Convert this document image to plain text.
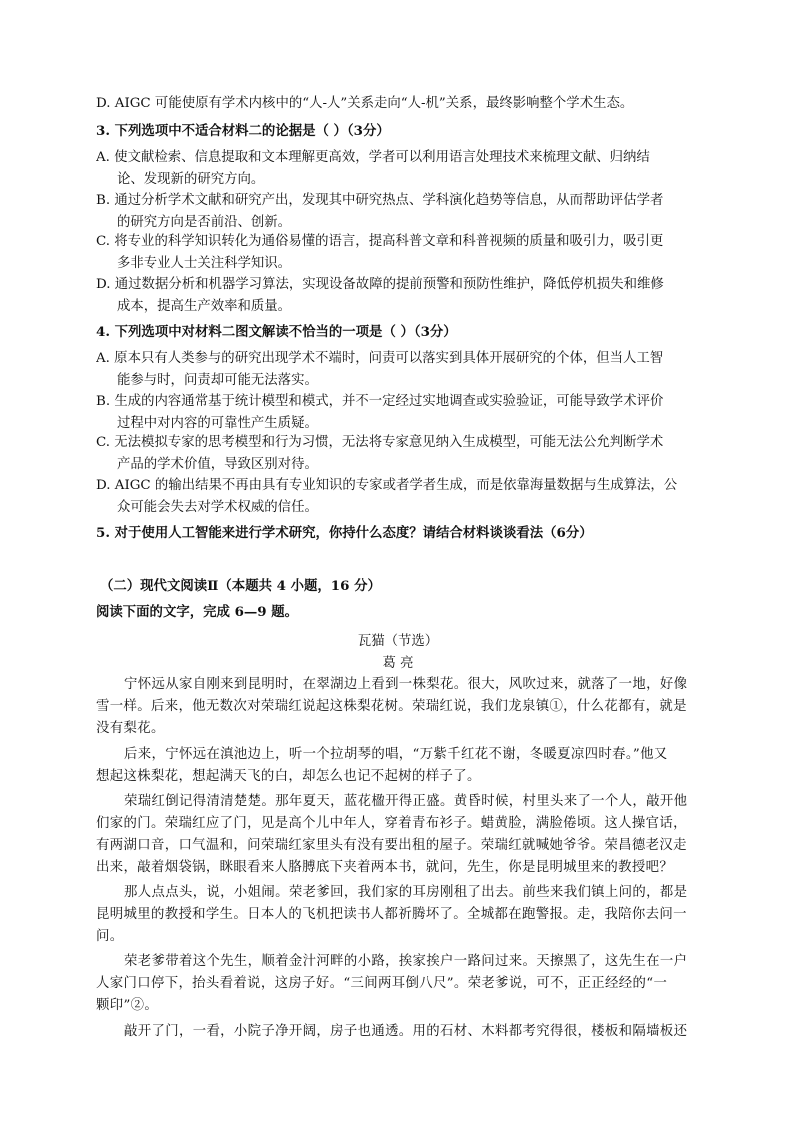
D. AIGC 可能使原有学术内核中的“人-人”关系走向“人-机”关系，最终影响整个学术生态。
3. 下列选项中不适合材料二的论据是（ ）（3分）
A. 使文献检索、信息提取和文本理解更高效，学者可以利用语言处理技术来梳理文献、归纳结
论、发现新的研究方向。
B. 通过分析学术文献和研究产出，发现其中研究热点、学科演化趋势等信息，从而帮助评估学者
的研究方向是否前沿、创新。
C. 将专业的科学知识转化为通俗易懂的语言，提高科普文章和科普视频的质量和吸引力，吸引更
多非专业人士关注科学知识。
D. 通过数据分析和机器学习算法，实现设备故障的提前预警和预防性维护，降低停机损失和维修
成本，提高生产效率和质量。
4. 下列选项中对材料二图文解读不恰当的一项是（ ）（3分）
A. 原本只有人类参与的研究出现学术不端时，问责可以落实到具体开展研究的个体，但当人工智
能参与时，问责却可能无法落实。
B. 生成的内容通常基于统计模型和模式，并不一定经过实地调查或实验验证，可能导致学术评价
过程中对内容的可靠性产生质疑。
C. 无法模拟专家的思考模型和行为习惯，无法将专家意见纳入生成模型，可能无法公允判断学术
产品的学术价值，导致区别对待。
D. AIGC 的输出结果不再由具有专业知识的专家或者学者生成，而是依靠海量数据与生成算法，公
众可能会失去对学术权威的信任。
5. 对于使用人工智能来进行学术研究，你持什么态度？请结合材料谈谈看法（6分）
（二）现代文阅读Ⅱ（本题共 4 小题，16 分）
阅读下面的文字，完成 6—9 题。
瓦猫（节选）
葛 亮
宁怀远从家自刚来到昆明时，在翠湖边上看到一株梨花。很大，风吹过来，就落了一地，好像
雪一样。后来，他无数次对荣瑞红说起这株梨花树。荣瑞红说，我们龙泉镇①，什么花都有，就是
没有梨花。
后来，宁怀远在滇池边上，听一个拉胡琴的唱，“万紫千红花不谢，冬暖夏凉四时春。”他又
想起这株梨花，想起满天飞的白，却怎么也记不起树的样子了。
荣瑞红倒记得清清楚楚。那年夏天，蓝花楹开得正盛。黄昏时候，村里头来了一个人，敲开他
们家的门。荣瑞红应了门，见是高个儿中年人，穿着青布衫子。蜡黄脸，满脸倦顷。这人操官话，
有两湖口音，口气温和，问荣瑞红家里头有没有要出租的屋子。荣瑞红就喊她爷爷。荣昌德老汉走
出来，敲着烟袋锅，眯眼看来人胳膊底下夹着两本书，就问，先生，你是昆明城里来的教授吧？
那人点点头，说，小姐闹。荣老爹回，我们家的耳房刚租了出去。前些来我们镇上问的，都是
昆明城里的教授和学生。日本人的飞机把读书人都祈腾坏了。全城都在跑警报。走，我陪你去问一
问。
荣老爹带着这个先生，顺着金汁河畔的小路，挨家挨户一路问过来。天擦黑了，这先生在一户
人家门口停下，抬头看着说，这房子好。“三间两耳倒八尺”。荣老爹说，可不，正正经经的“一
颗印”②。
敲开了门，一看，小院子净开阔，房子也通透。用的石材、木料都考究得很，楼板和隔墙板还
